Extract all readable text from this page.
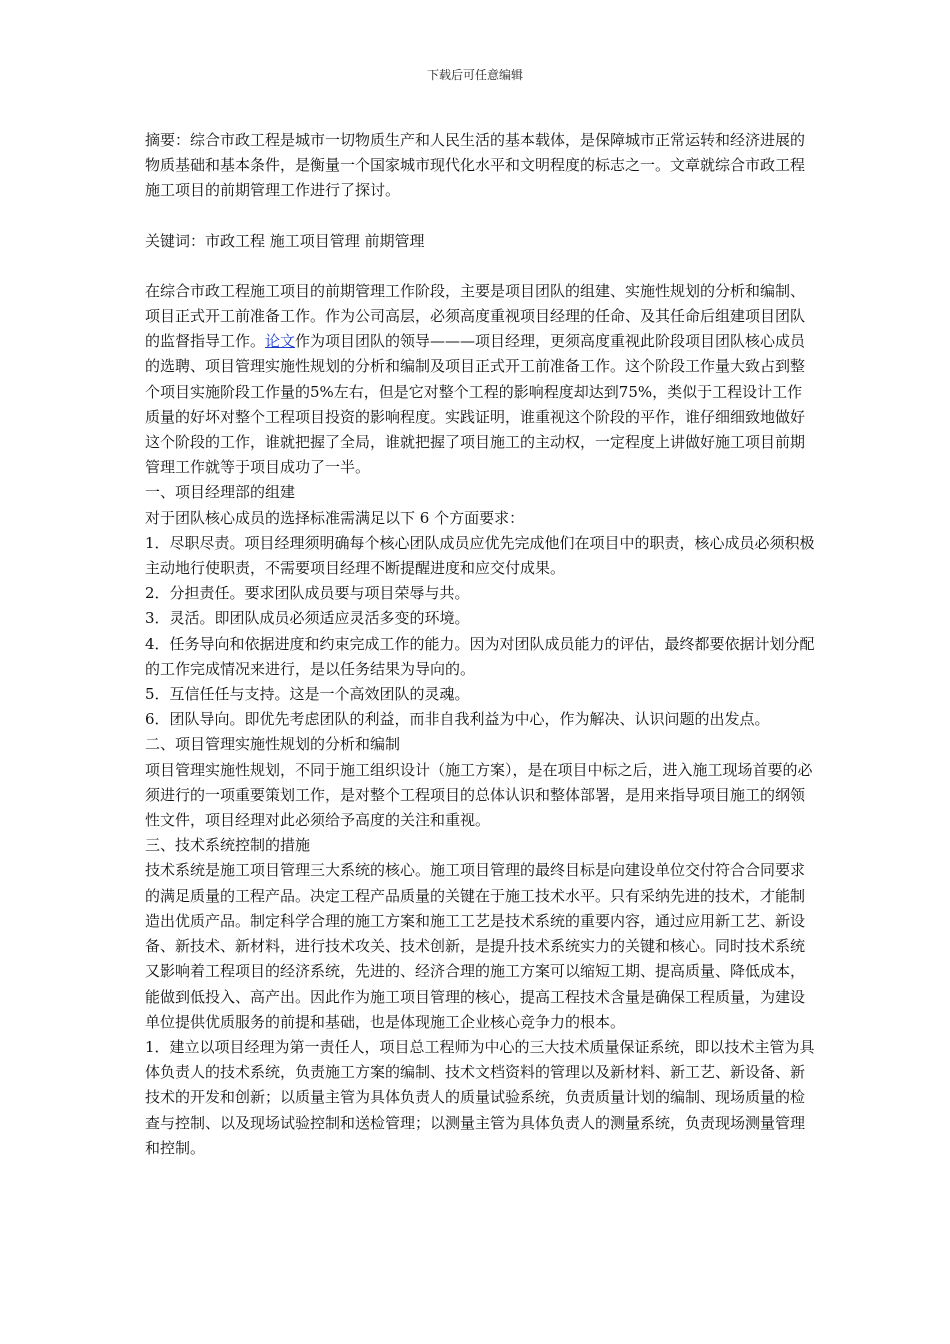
下载后可任意编辑

摘要：综合市政工程是城市一切物质生产和人民生活的基本载体，是保障城市正常运转和经济进展的物质基础和基本条件，是衡量一个国家城市现代化水平和文明程度的标志之一。文章就综合市政工程施工项目的前期管理工作进行了探讨。

关键词：市政工程 施工项目管理 前期管理

在综合市政工程施工项目的前期管理工作阶段，主要是项目团队的组建、实施性规划的分析和编制、项目正式开工前准备工作。作为公司高层，必须高度重视项目经理的任命、及其任命后组建项目团队的监督指导工作。论文作为项目团队的领导———项目经理，更须高度重视此阶段项目团队核心成员的选聘、项目管理实施性规划的分析和编制及项目正式开工前准备工作。这个阶段工作量大致占到整个项目实施阶段工作量的5%左右，但是它对整个工程的影响程度却达到75%，类似于工程设计工作质量的好坏对整个工程项目投资的影响程度。实践证明，谁重视这个阶段的平作，谁仔细细致地做好这个阶段的工作，谁就把握了全局，谁就把握了项目施工的主动权，一定程度上讲做好施工项目前期管理工作就等于项目成功了一半。

一、项目经理部的组建

对于团队核心成员的选择标准需满足以下 6 个方面要求：

1．尽职尽责。项目经理须明确每个核心团队成员应优先完成他们在项目中的职责，核心成员必须积极主动地行使职责，不需要项目经理不断提醒进度和应交付成果。

2．分担责任。要求团队成员要与项目荣辱与共。

3．灵活。即团队成员必须适应灵活多变的环境。

4．任务导向和依据进度和约束完成工作的能力。因为对团队成员能力的评估，最终都要依据计划分配的工作完成情况来进行，是以任务结果为导向的。

5．互信任任与支持。这是一个高效团队的灵魂。

6．团队导向。即优先考虑团队的利益，而非自我利益为中心，作为解决、认识问题的出发点。

二、项目管理实施性规划的分析和编制

项目管理实施性规划，不同于施工组织设计（施工方案），是在项目中标之后，进入施工现场首要的必须进行的一项重要策划工作，是对整个工程项目的总体认识和整体部署，是用来指导项目施工的纲领性文件，项目经理对此必须给予高度的关注和重视。

三、技术系统控制的措施

技术系统是施工项目管理三大系统的核心。施工项目管理的最终目标是向建设单位交付符合合同要求的满足质量的工程产品。决定工程产品质量的关键在于施工技术水平。只有采纳先进的技术，才能制造出优质产品。制定科学合理的施工方案和施工工艺是技术系统的重要内容，通过应用新工艺、新设备、新技术、新材料，进行技术攻关、技术创新，是提升技术系统实力的关键和核心。同时技术系统又影响着工程项目的经济系统，先进的、经济合理的施工方案可以缩短工期、提高质量、降低成本，能做到低投入、高产出。因此作为施工项目管理的核心，提高工程技术含量是确保工程质量，为建设单位提供优质服务的前提和基础，也是体现施工企业核心竞争力的根本。

1．建立以项目经理为第一责任人，项目总工程师为中心的三大技术质量保证系统，即以技术主管为具体负责人的技术系统，负责施工方案的编制、技术文档资料的管理以及新材料、新工艺、新设备、新技术的开发和创新；以质量主管为具体负责人的质量试验系统，负责质量计划的编制、现场质量的检查与控制、以及现场试验控制和送检管理；以测量主管为具体负责人的测量系统，负责现场测量管理和控制。
